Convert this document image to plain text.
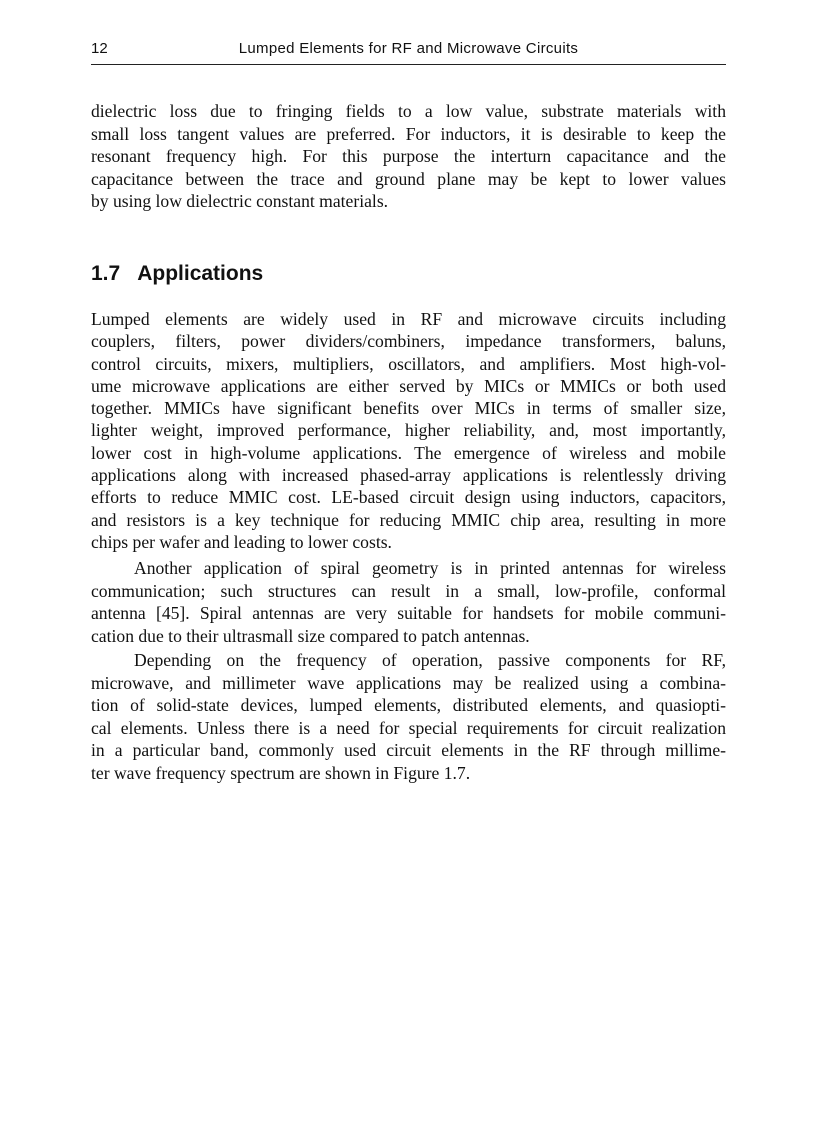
12	Lumped Elements for RF and Microwave Circuits
dielectric loss due to fringing fields to a low value, substrate materials with
small loss tangent values are preferred. For inductors, it is desirable to keep the
resonant frequency high. For this purpose the interturn capacitance and the
capacitance between the trace and ground plane may be kept to lower values
by using low dielectric constant materials.
1.7 Applications
Lumped elements are widely used in RF and microwave circuits including
couplers, filters, power dividers/combiners, impedance transformers, baluns,
control circuits, mixers, multipliers, oscillators, and amplifiers. Most high-vol-
ume microwave applications are either served by MICs or MMICs or both used
together. MMICs have significant benefits over MICs in terms of smaller size,
lighter weight, improved performance, higher reliability, and, most importantly,
lower cost in high-volume applications. The emergence of wireless and mobile
applications along with increased phased-array applications is relentlessly driving
efforts to reduce MMIC cost. LE-based circuit design using inductors, capacitors,
and resistors is a key technique for reducing MMIC chip area, resulting in more
chips per wafer and leading to lower costs.
Another application of spiral geometry is in printed antennas for wireless
communication; such structures can result in a small, low-profile, conformal
antenna [45]. Spiral antennas are very suitable for handsets for mobile communi-
cation due to their ultrasmall size compared to patch antennas.
Depending on the frequency of operation, passive components for RF,
microwave, and millimeter wave applications may be realized using a combina-
tion of solid-state devices, lumped elements, distributed elements, and quasiopti-
cal elements. Unless there is a need for special requirements for circuit realization
in a particular band, commonly used circuit elements in the RF through millime-
ter wave frequency spectrum are shown in Figure 1.7.
